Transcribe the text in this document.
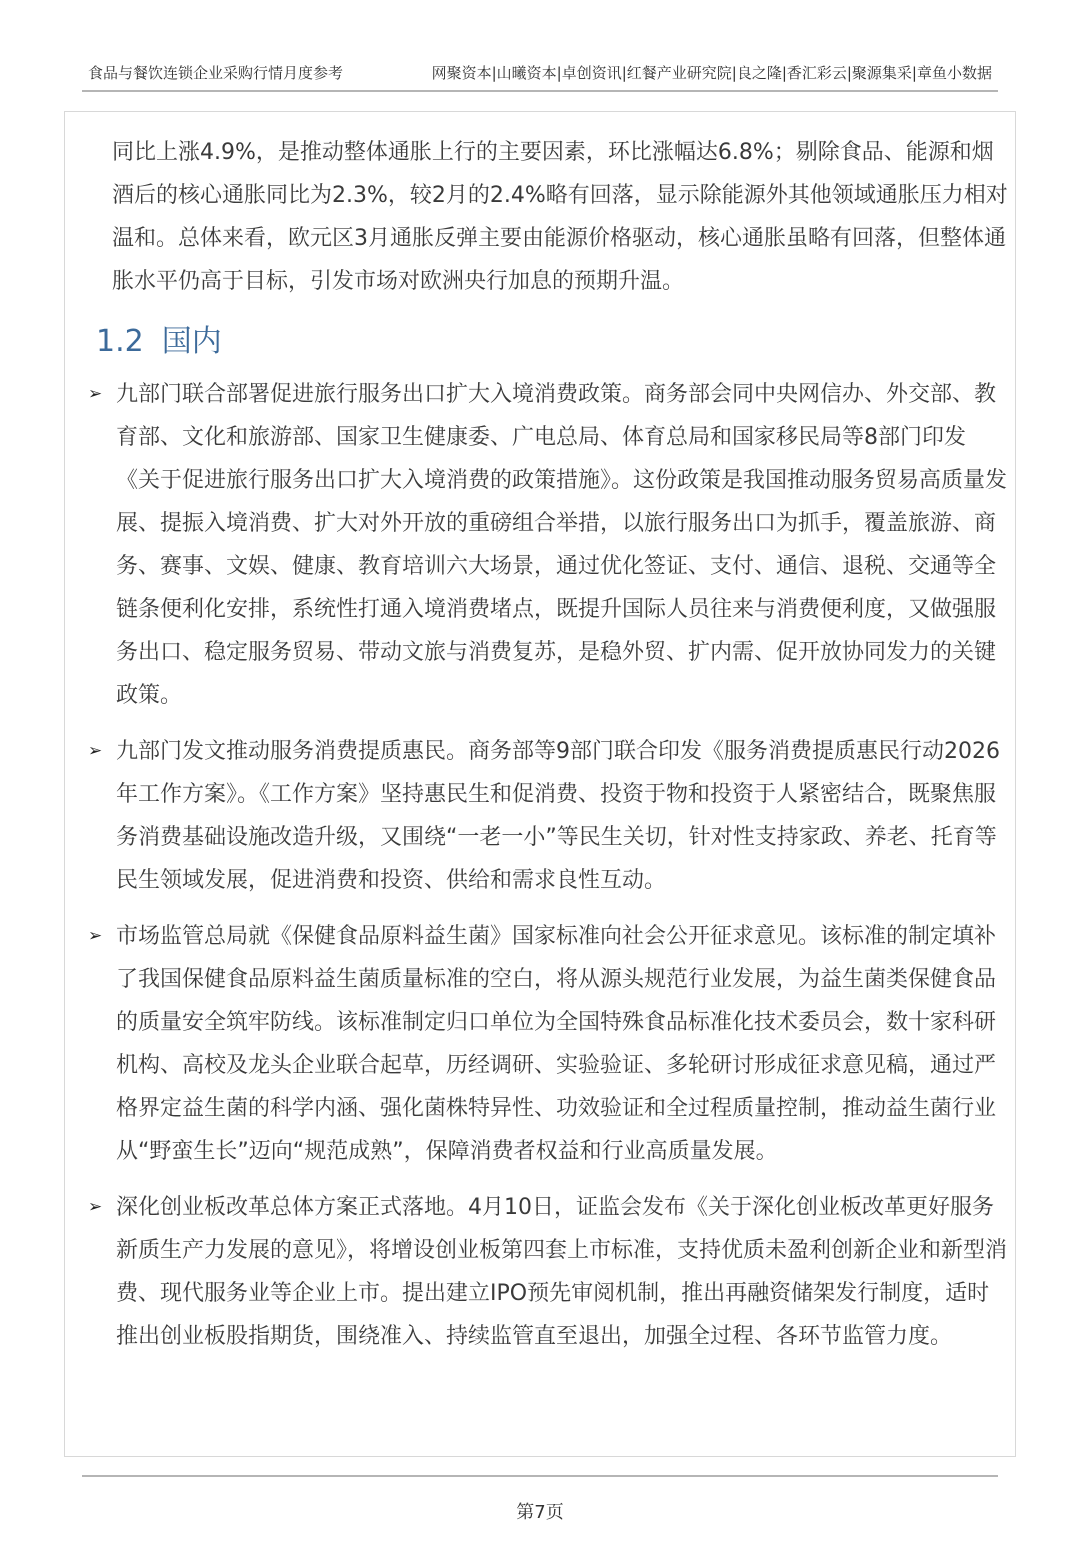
食品与餐饮连锁企业采购行情月度参考	网聚资本|山曦资本|卓创资讯|红餐产业研究院|良之隆|香汇彩云|聚源集采|章鱼小数据

同比上涨4.9%，是推动整体通胀上行的主要因素，环比涨幅达6.8%；剔除食品、能源和烟酒后的核心通胀同比为2.3%，较2月的2.4%略有回落，显示除能源外其他领域通胀压力相对温和。总体来看，欧元区3月通胀反弹主要由能源价格驱动，核心通胀虽略有回落，但整体通胀水平仍高于目标，引发市场对欧洲央行加息的预期升温。

1.2 国内
➢ 九部门联合部署促进旅行服务出口扩大入境消费政策。商务部会同中央网信办、外交部、教育部、文化和旅游部、国家卫生健康委、广电总局、体育总局和国家移民局等8部门印发《关于促进旅行服务出口扩大入境消费的政策措施》。这份政策是我国推动服务贸易高质量发展、提振入境消费、扩大对外开放的重磅组合举措，以旅行服务出口为抓手，覆盖旅游、商务、赛事、文娱、健康、教育培训六大场景，通过优化签证、支付、通信、退税、交通等全链条便利化安排，系统性打通入境消费堵点，既提升国际人员往来与消费便利度，又做强服务出口、稳定服务贸易、带动文旅与消费复苏，是稳外贸、扩内需、促开放协同发力的关键政策。
➢ 九部门发文推动服务消费提质惠民。商务部等9部门联合印发《服务消费提质惠民行动2026年工作方案》。《工作方案》坚持惠民生和促消费、投资于物和投资于人紧密结合，既聚焦服务消费基础设施改造升级，又围绕“一老一小”等民生关切，针对性支持家政、养老、托育等民生领域发展，促进消费和投资、供给和需求良性互动。
➢ 市场监管总局就《保健食品原料益生菌》国家标准向社会公开征求意见。该标准的制定填补了我国保健食品原料益生菌质量标准的空白，将从源头规范行业发展，为益生菌类保健食品的质量安全筑牢防线。该标准制定归口单位为全国特殊食品标准化技术委员会，数十家科研机构、高校及龙头企业联合起草，历经调研、实验验证、多轮研讨形成征求意见稿，通过严格界定益生菌的科学内涵、强化菌株特异性、功效验证和全过程质量控制，推动益生菌行业从“野蛮生长”迈向“规范成熟”，保障消费者权益和行业高质量发展。
➢ 深化创业板改革总体方案正式落地。4月10日，证监会发布《关于深化创业板改革更好服务新质生产力发展的意见》，将增设创业板第四套上市标准，支持优质未盈利创新企业和新型消费、现代服务业等企业上市。提出建立IPO预先审阅机制，推出再融资储架发行制度，适时推出创业板股指期货，围绕准入、持续监管直至退出，加强全过程、各环节监管力度。
第7页
